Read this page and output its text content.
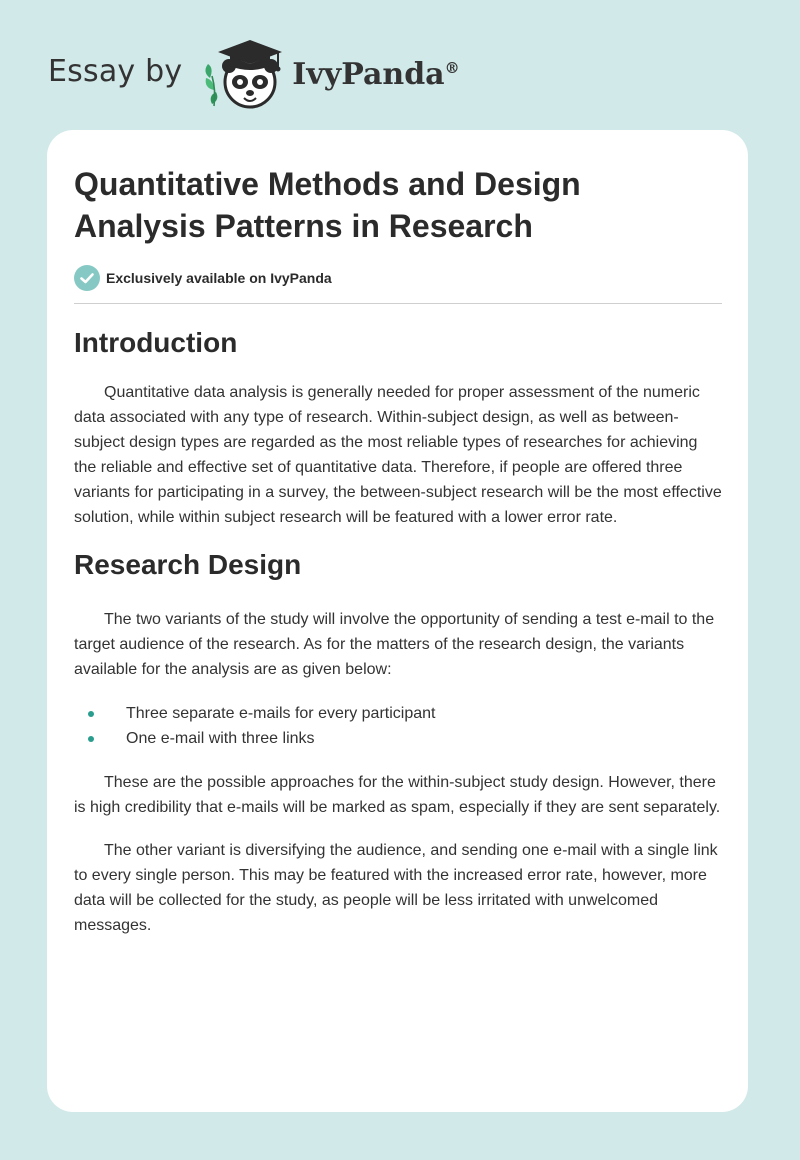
Essay by	IvyPanda®
Quantitative Methods and Design Analysis Patterns in Research
Exclusively available on IvyPanda
Introduction

Quantitative data analysis is generally needed for proper assessment of the numeric data associated with any type of research. Within-subject design, as well as between-subject design types are regarded as the most reliable types of researches for achieving the reliable and effective set of quantitative data. Therefore, if people are offered three variants for participating in a survey, the between-subject research will be the most effective solution, while within subject research will be featured with a lower error rate.

Research Design

The two variants of the study will involve the opportunity of sending a test e-mail to the target audience of the research. As for the matters of the research design, the variants available for the analysis are as given below:

Three separate e-mails for every participant
One e-mail with three links

These are the possible approaches for the within-subject study design. However, there is high credibility that e-mails will be marked as spam, especially if they are sent separately.

The other variant is diversifying the audience, and sending one e-mail with a single link to every single person. This may be featured with the increased error rate, however, more data will be collected for the study, as people will be less irritated with unwelcomed messages.
